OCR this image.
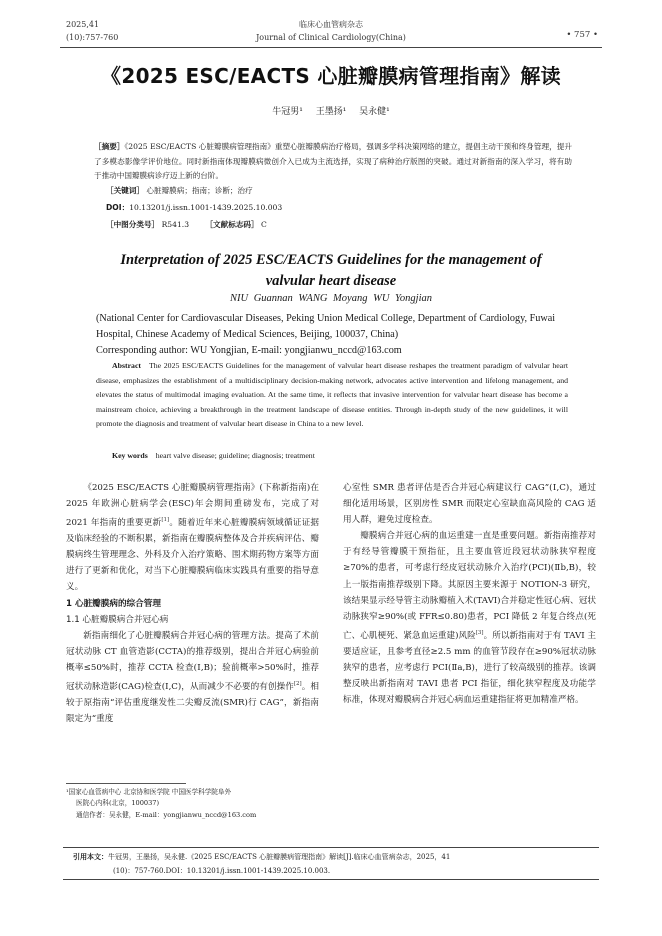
2025,41
(10):757-760
临床心血管病杂志
Journal of Clinical Cardiology(China)	• 757 •
《2025 ESC/EACTS 心脏瓣膜病管理指南》解读
牛冠男¹ 王墨扬¹ 吴永健¹
［摘要］《2025 ESC/EACTS 心脏瓣膜病管理指南》重塑心脏瓣膜病治疗格局，强调多学科决策网络的建立，提倡主动干预和终身管理，提升了多模态影像学评价地位。同时新指南体现瓣膜病微创介入已成为主流选择，实现了病种治疗版图的突破。通过对新指南的深入学习，将有助于推动中国瓣膜病诊疗迈上新的台阶。
［关键词］ 心脏瓣膜病；指南；诊断；治疗
DOI：10.13201/j.issn.1001-1439.2025.10.003
［中图分类号］ R541.3 ［文献标志码］ C
Interpretation of 2025 ESC/EACTS Guidelines for the management of
valvular heart disease
NIU Guannan WANG Moyang WU Yongjian
(National Center for Cardiovascular Diseases, Peking Union Medical College, Department of Cardiology, Fuwai Hospital, Chinese Academy of Medical Sciences, Beijing, 100037, China)
Corresponding author: WU Yongjian, E-mail: yongjianwu_nccd@163.com
Abstract The 2025 ESC/EACTS Guidelines for the management of valvular heart disease reshapes the treatment paradigm of valvular heart disease, emphasizes the establishment of a multidisciplinary decision-making network, advocates active intervention and lifelong management, and elevates the status of multimodal imaging evaluation. At the same time, it reflects that invasive intervention for valvular heart disease has become a mainstream choice, achieving a breakthrough in the treatment landscape of disease entities. Through in-depth study of the new guidelines, it will promote the diagnosis and treatment of valvular heart disease in China to a new level.
Key words heart valve disease; guideline; diagnosis; treatment

《2025 ESC/EACTS 心脏瓣膜病管理指南》(下称新指南)在 2025 年欧洲心脏病学会(ESC)年会期间重磅发布，完成了对 2021 年指南的重要更新[1]。随着近年来心脏瓣膜病领域循证证据及临床经验的不断积累，新指南在瓣膜病整体及合并疾病评估、瓣膜病终生管理理念、外科及介入治疗策略、围术期药物方案等方面进行了更新和优化，对当下心脏瓣膜病临床实践具有重要的指导意义。

1 心脏瓣膜病的综合管理

1.1 心脏瓣膜病合并冠心病

新指南细化了心脏瓣膜病合并冠心病的管理方法。提高了术前冠状动脉 CT 血管造影(CCTA)的推荐级别，提出合并冠心病验前概率≤50%时，推荐 CCTA 检查(Ⅰ,B)；验前概率>50%时，推荐冠状动脉造影(CAG)检查(Ⅰ,C)，从而减少不必要的有创操作[2]。相较于原指南“评估重度继发性二尖瓣反流(SMR)行 CAG”，新指南限定为“重度

心室性 SMR 患者评估是否合并冠心病建议行 CAG”(Ⅰ,C)，通过细化适用场景，区别房性 SMR 而限定心室缺血高风险的 CAG 适用人群，避免过度检查。

瓣膜病合并冠心病的血运重建一直是重要问题。新指南推荐对于有经导管瓣膜干预指征，且主要血管近段冠状动脉狭窄程度≥70%的患者，可考虑行经皮冠状动脉介入治疗(PCI)(Ⅱb,B)，较上一版指南推荐级别下降。其原因主要来源于 NOTION-3 研究，该结果显示经导管主动脉瓣植入术(TAVI)合并稳定性冠心病、冠状动脉狭窄≥90%(或 FFR≤0.80)患者，PCI 降低 2 年复合终点(死亡、心肌梗死、紧急血运重建)风险[3]。所以新指南对于有 TAVI 主要适应证，且参考直径≥2.5 mm 的血管节段存在≥90%冠状动脉狭窄的患者，应考虑行 PCI(Ⅱa,B)，进行了较高级别的推荐。该调整反映出新指南对 TAVI 患者 PCI 指征，细化狭窄程度及功能学标准，体现对瓣膜病合并冠心病血运重建指征将更加精准严格。

¹国家心血管病中心 北京协和医学院 中国医学科学院阜外
医院心内科(北京，100037)
通信作者：吴永健，E-mail：yongjianwu_nccd@163.com
引用本文：牛冠男，王墨扬，吴永健.《2025 ESC/EACTS 心脏瓣膜病管理指南》解读[J].临床心血管病杂志，2025，41
(10)：757-760.DOI：10.13201/j.issn.1001-1439.2025.10.003.
